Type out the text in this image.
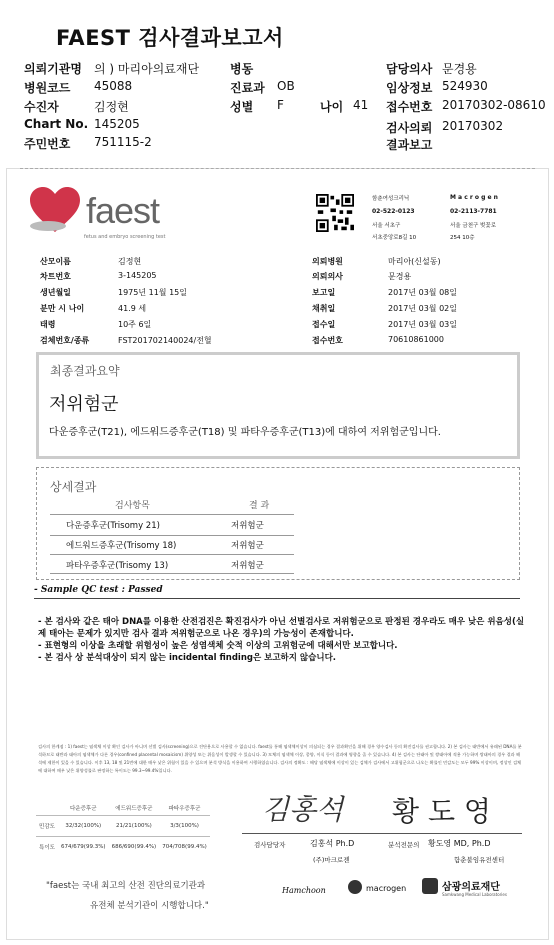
FAEST 검사결과보고서
의뢰기관명 의 ) 마리아의료재단
병원코드 45088
수진자	김정현
Chart No. 145205
주민번호 751115-2
병동
진료과 OB
성별 F	나이 41
담당의사 문경용
임상정보 524930
접수번호 20170302-08610
검사의뢰 20170302
결과보고
faest
fetus and embryo screening test
함춘여성크리닉
02-522-0123
서울 서초구
서초중앙로8길 10
M a c r o g e n
02-2113-7781
서울 금천구 벚꽃로
254 10층
산모이름	김정현
차트번호	3-145205
생년월일	1975년 11월 15일
분만 시 나이	41.9 세
태령	10주 6일
검체번호/종류	FST201702140024/전혈
의뢰병원	마리아(신설동)
의뢰의사	문경용
보고일	2017년 03월 08일
채취일	2017년 03월 02일
접수일	2017년 03월 03일
접수번호	70610861000
최종결과요약
저위험군
다운증후군(T21), 에드워드증후군(T18) 및 파타우증후군(T13)에 대하여 저위험군입니다.
상세결과
검사항목	결 과
다운증후군(Trisomy 21)	저위험군
에드워드증후군(Trisomy 18)	저위험군
파타우증후군(Trisomy 13)	저위험군
- Sample QC test : Passed
- 본 검사와 같은 태아 DNA를 이용한 산전검진은 확진검사가 아닌 선별검사로 저위험군으로 판정된 경우라도 매우 낮은 위음성(실
제 태아는 문제가 있지만 검사 결과 저위험군으로 나온 경우)의 가능성이 존재합니다.
- 표현형의 이상을 초래할 위험성이 높은 성염색체 숫적 이상의 고위험군에 대해서만 보고합니다.
- 본 검사 상 분석대상이 되지 않는 incidental finding은 보고하지 않습니다.
검사의 한계점 : 1) faest는 염색체 이상 확인 검사가 아니며 선별 검사(screening)으로 진단용으로 사용할 수 없습니다. faest를 통해 염색체이상이 의심되는 경우 결과확인을 위해 경우 양수검사 등의 확진검사를 권고합니다. 2) 본 검사는 태반에서 유래된 DNA를 분석하므로 태반과 태아의 염색체가 다른 경우(confined placental mosaicism) 위양성 또는 위음성이 발생할 수 있습니다. 3) 모체의 염색체 이상, 종양, 이식 등이 결과에 영향을 줄 수 있습니다. 4) 본 검사는 단태아 및 쌍태아에 적용 가능하며 쌍태아의 경우 결과 해석에 제한이 있을 수 있습니다. 이후 13, 18 및 21번에 대한 매우 낮은 위험이 있을 수 있으며 분석 방식을 이용하여 시행하였습니다. 검사의 정확도 : 해당 염색체에 이상이 있는 검체가 검사에서 고위험군으로 나오는 확률인 민감도는 모두 99% 이상이며, 정상인 검체에 대하여 매우 낮은 위양성률로 판정하는 특이도는 99.3~99.4%입니다.
	다운증후군	에드워드증후군	파타우증후군
민감도	32/32(100%)	21/21(100%)	3/3(100%)
특이도	674/679(99.3%)	686/690(99.4%)	704/708(99.4%)
김홍석 황 도 영
검사담당자	김홍석 Ph.D
(주)마크로젠
분석전문의 황도영 MD, Ph.D
함춘불임유전센터
"faest는 국내 최고의 산전 진단의료기관과
유전체 분석기관이 시행합니다."
Hamchoon	macrogen	삼광의료재단
Samkwang Medical Laboratories
